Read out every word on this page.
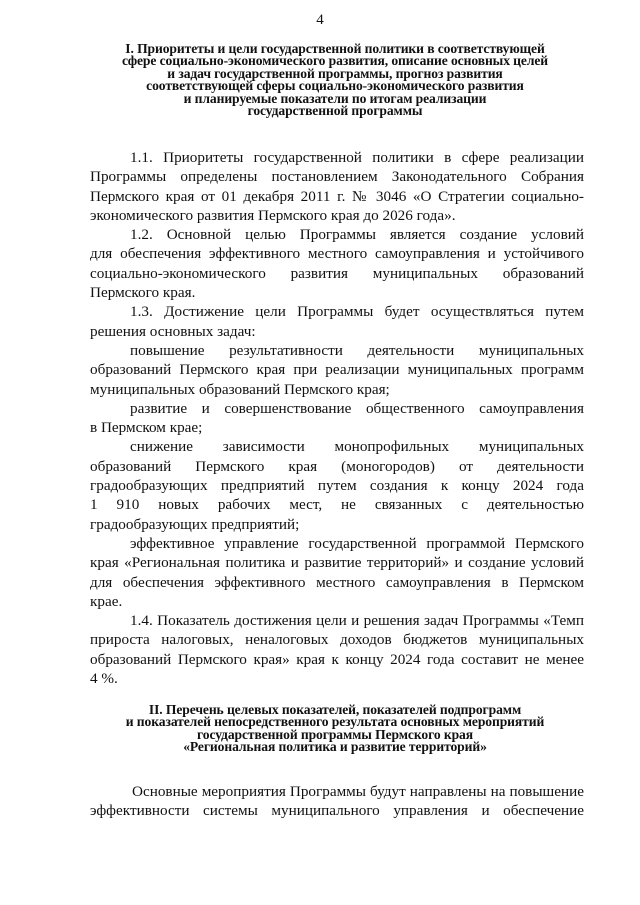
4
I. Приоритеты и цели государственной политики в соответствующей
сфере социально-экономического развития, описание основных целей
и задач государственной программы, прогноз развития
соответствующей сферы социально-экономического развития
и планируемые показатели по итогам реализации
государственной программы
1.1. Приоритеты государственной политики в сфере реализации
Программы определены постановлением Законодательного Собрания
Пермского края от 01 декабря 2011 г. № 3046 «О Стратегии социально-
экономического развития Пермского края до 2026 года».
1.2. Основной целью Программы является создание условий
для обеспечения эффективного местного самоуправления и устойчивого
социально-экономического развития муниципальных образований
Пермского края.
1.3. Достижение цели Программы будет осуществляться путем
решения основных задач:
повышение результативности деятельности муниципальных
образований Пермского края при реализации муниципальных программ
муниципальных образований Пермского края;
развитие и совершенствование общественного самоуправления
в Пермском крае;
снижение зависимости монопрофильных муниципальных
образований Пермского края (моногородов) от деятельности
градообразующих предприятий путем создания к концу 2024 года
1 910 новых рабочих мест, не связанных с деятельностью
градообразующих предприятий;
эффективное управление государственной программой Пермского
края «Региональная политика и развитие территорий» и создание условий
для обеспечения эффективного местного самоуправления в Пермском
крае.
1.4. Показатель достижения цели и решения задач Программы «Темп
прироста налоговых, неналоговых доходов бюджетов муниципальных
образований Пермского края» края к концу 2024 года составит не менее
4 %.
II. Перечень целевых показателей, показателей подпрограмм
и показателей непосредственного результата основных мероприятий
государственной программы Пермского края
«Региональная политика и развитие территорий»
Основные мероприятия Программы будут направлены на повышение
эффективности системы муниципального управления и обеспечение
